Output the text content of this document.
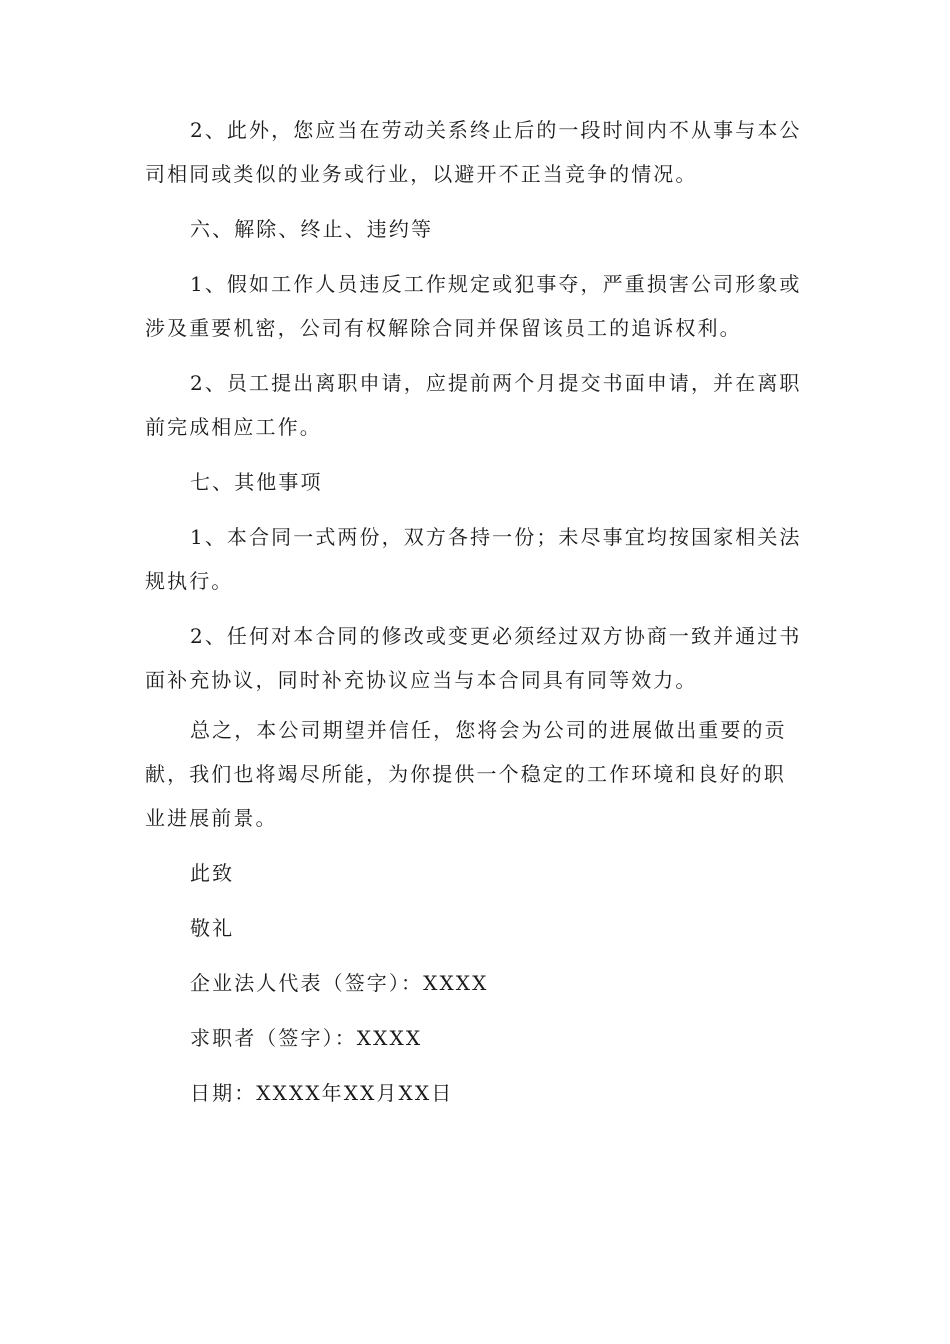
2、此外，您应当在劳动关系终止后的一段时间内不从事与本公司相同或类似的业务或行业，以避开不正当竞争的情况。

六、解除、终止、违约等

1、假如工作人员违反工作规定或犯事夺，严重损害公司形象或涉及重要机密，公司有权解除合同并保留该员工的追诉权利。

2、员工提出离职申请，应提前两个月提交书面申请，并在离职前完成相应工作。

七、其他事项

1、本合同一式两份，双方各持一份；未尽事宜均按国家相关法规执行。

2、任何对本合同的修改或变更必须经过双方协商一致并通过书面补充协议，同时补充协议应当与本合同具有同等效力。

总之，本公司期望并信任，您将会为公司的进展做出重要的贡献，我们也将竭尽所能，为你提供一个稳定的工作环境和良好的职业进展前景。

此致

敬礼

企业法人代表（签字）：XXXX

求职者（签字）：XXXX

日期：XXXX年XX月XX日
